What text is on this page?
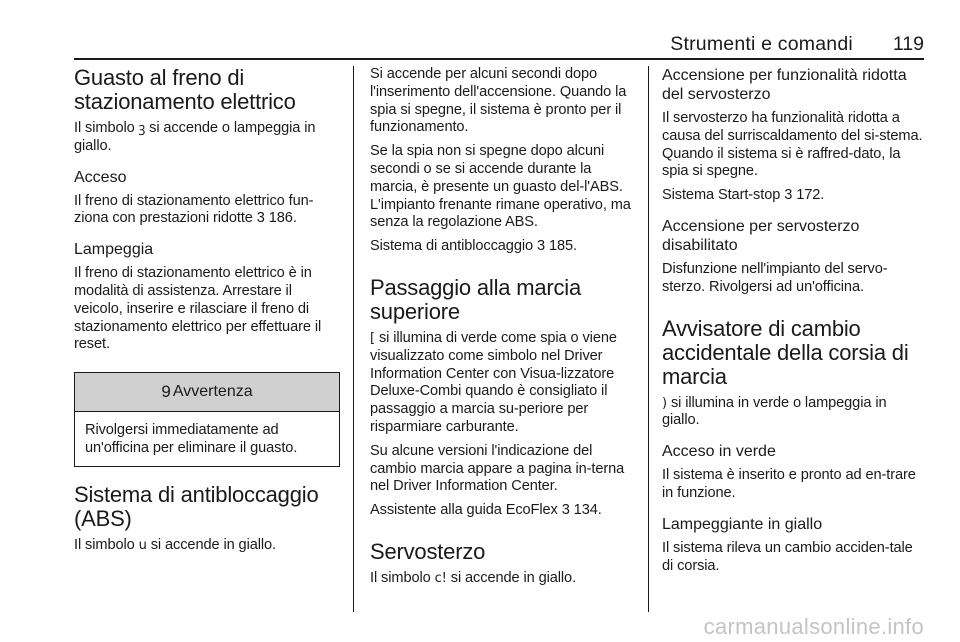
Strumenti e comandi 119
Guasto al freno di stazionamento elettrico

Il simbolo ꝫ si accende o lampeggia in giallo.

Acceso

Il freno di stazionamento elettrico fun-ziona con prestazioni ridotte 3 186.

Lampeggia

Il freno di stazionamento elettrico è in modalità di assistenza. Arrestare il veicolo, inserire e rilasciare il freno di stazionamento elettrico per effettuare il reset.

9 Avvertenza

Rivolgersi immediatamente ad un'officina per eliminare il guasto.

Sistema di antibloccaggio (ABS)

Il simbolo u si accende in giallo.

Si accende per alcuni secondi dopo l'inserimento dell'accensione. Quando la spia si spegne, il sistema è pronto per il funzionamento.

Se la spia non si spegne dopo alcuni secondi o se si accende durante la marcia, è presente un guasto del-l'ABS. L'impianto frenante rimane operativo, ma senza la regolazione ABS.

Sistema di antibloccaggio 3 185.

Passaggio alla marcia superiore

[ si illumina di verde come spia o viene visualizzato come simbolo nel Driver Information Center con Visua-lizzatore Deluxe-Combi quando è consigliato il passaggio a marcia su-periore per risparmiare carburante.

Su alcune versioni l'indicazione del cambio marcia appare a pagina in-terna nel Driver Information Center.

Assistente alla guida EcoFlex 3 134.

Servosterzo

Il simbolo c! si accende in giallo.

Accensione per funzionalità ridotta del servosterzo

Il servosterzo ha funzionalità ridotta a causa del surriscaldamento del si-stema. Quando il sistema si è raffred-dato, la spia si spegne.

Sistema Start-stop 3 172.

Accensione per servosterzo disabilitato

Disfunzione nell'impianto del servo-sterzo. Rivolgersi ad un'officina.

Avvisatore di cambio accidentale della corsia di marcia

) si illumina in verde o lampeggia in giallo.

Acceso in verde

Il sistema è inserito e pronto ad en-trare in funzione.

Lampeggiante in giallo

Il sistema rileva un cambio acciden-tale di corsia.

carmanualsonline.info
